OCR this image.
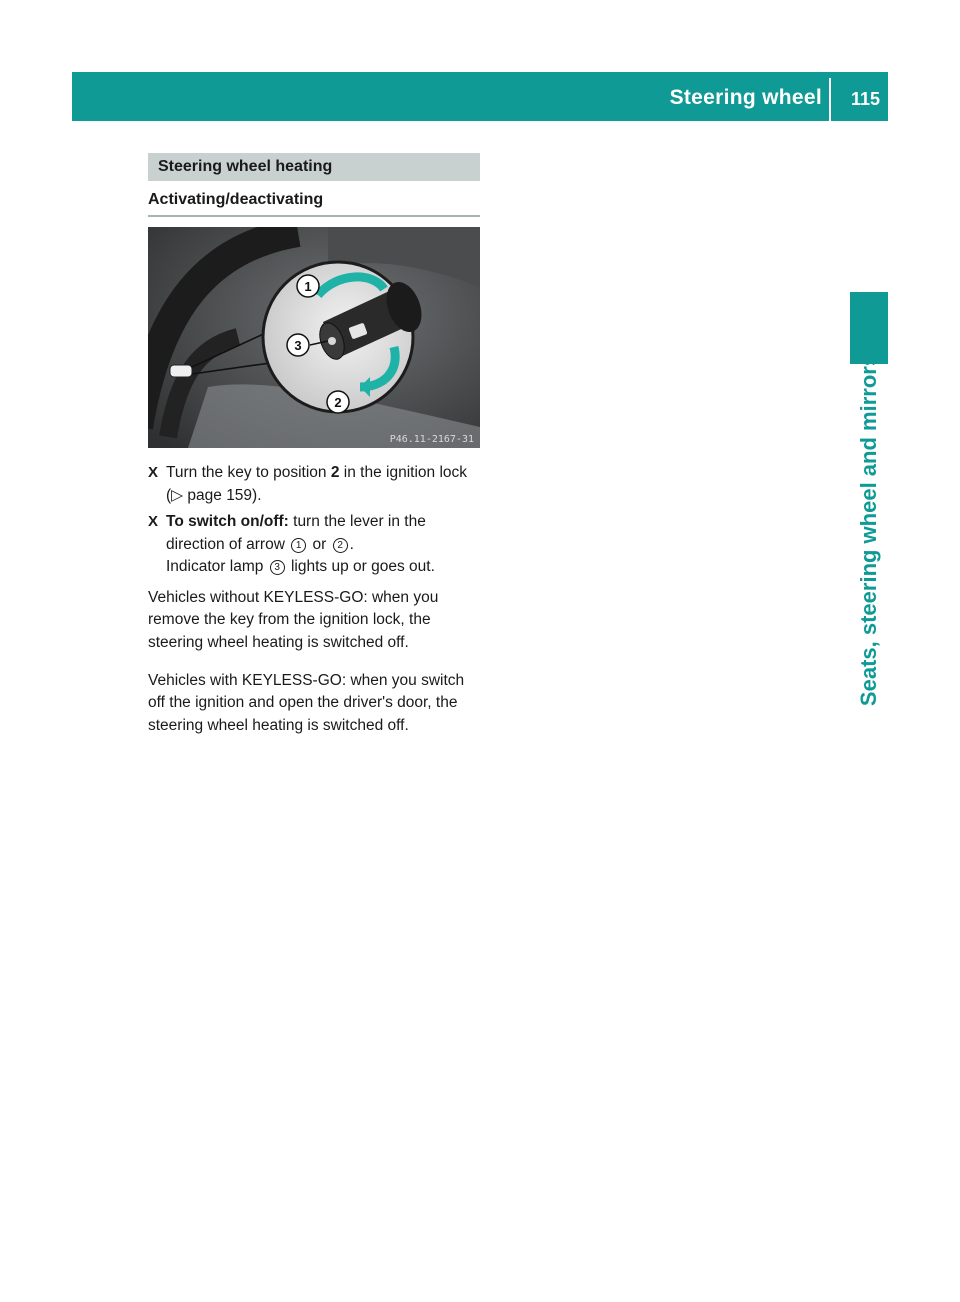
Steering wheel 115
Seats, steering wheel and mirrors
Steering wheel heating
Activating/deactivating
1
2
3
P46.11-2167-31
X Turn the key to position 2 in the ignition lock (▷ page 159).
X To switch on/off: turn the lever in the direction of arrow 1 or 2 .
Indicator lamp 3 lights up or goes out.

Vehicles without KEYLESS-GO: when you remove the key from the ignition lock, the steering wheel heating is switched off.

Vehicles with KEYLESS-GO: when you switch off the ignition and open the driver's door, the steering wheel heating is switched off.
